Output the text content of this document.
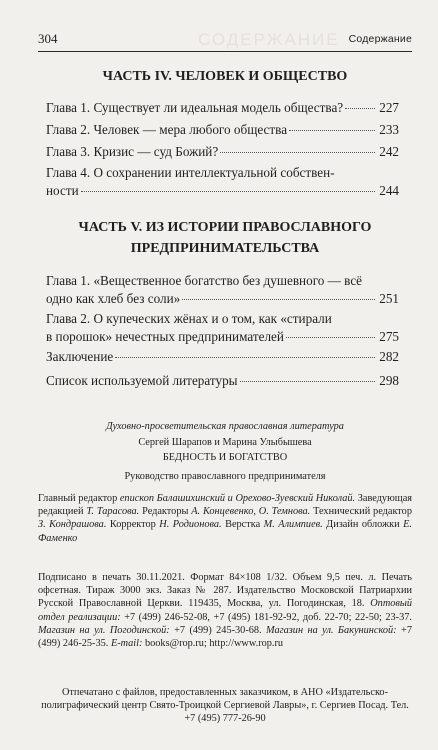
304	СОДЕРЖАНИЕ Содержание
ЧАСТЬ IV. ЧЕЛОВЕК И ОБЩЕСТВО
Глава 1. Существует ли идеальная модель общества?	227
Глава 2. Человек — мера любого общества	233
Глава 3. Кризис — суд Божий?	242
Глава 4. О сохранении интеллектуальной собствен-
ности	244
ЧАСТЬ V. ИЗ ИСТОРИИ ПРАВОСЛАВНОГО
ПРЕДПРИНИМАТЕЛЬСТВА
Глава 1. «Вещественное богатство без душевного — всё
одно как хлеб без соли»	251
Глава 2. О купеческих жёнах и о том, как «стирали
в порошок» нечестных предпринимателей	275
Заключение	282
Список используемой литературы	298
Духовно-просветительская православная литература
Сергей Шарапов и Марина Улыбышева
БЕДНОСТЬ И БОГАТСТВО
Руководство православного предпринимателя
Главный редактор епископ Балашихинский и Орехово-Зуевский Николай. Заведующая редакцией Т. Тарасова. Редакторы А. Концевенко, О. Темнова. Технический редактор З. Кондрашова. Корректор Н. Родионова. Верстка М. Алимпиев. Дизайн обложки Е. Фаменко
Подписано в печать 30.11.2021. Формат 84×108 1/32. Объем 9,5 печ. л. Печать офсетная. Тираж 3000 экз. Заказ № 287. Издательство Московской Патриархии Русской Православной Церкви. 119435, Москва, ул. Погодинская, 18. Оптовый отдел реализации: +7 (499) 246-52-08, +7 (495) 181-92-92, доб. 22-70; 22-50; 23-37. Магазин на ул. Погодинской: +7 (499) 245-30-68. Магазин на ул. Бакунинской: +7 (499) 246-25-35. E-mail: books@rop.ru; http://www.rop.ru
Отпечатано с файлов, предоставленных заказчиком, в АНО «Издательско-полиграфический центр Свято-Троицкой Сергиевой Лавры», г. Сергиев Посад. Тел. +7 (495) 777-26-90
